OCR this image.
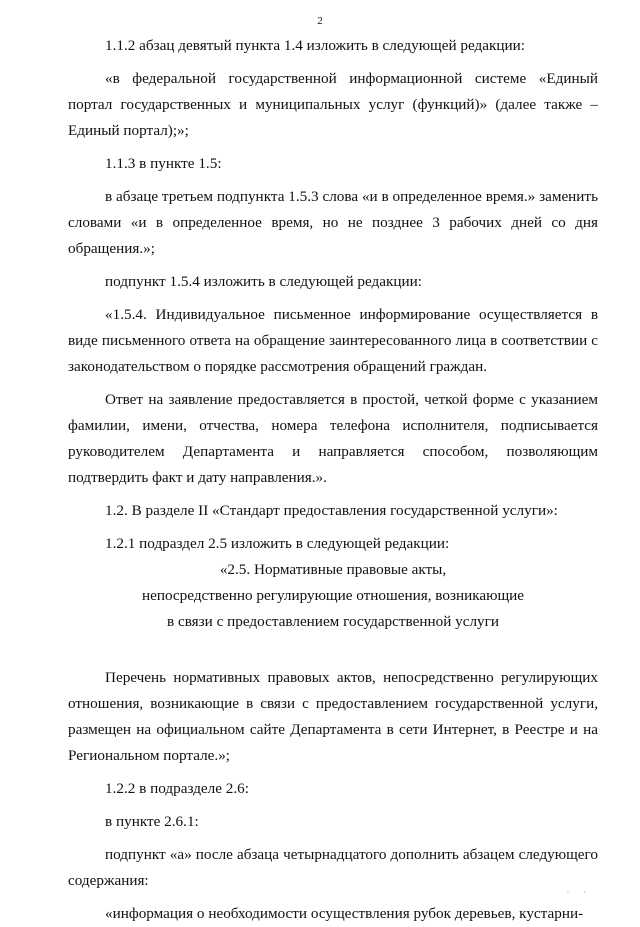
2

1.1.2 абзац девятый пункта 1.4 изложить в следующей редакции:

«в федеральной государственной информационной системе «Единый портал государственных и муниципальных услуг (функций)» (далее также – Единый портал);»;

1.1.3 в пункте 1.5:

в абзаце третьем подпункта 1.5.3 слова «и в определенное время.» заменить словами «и в определенное время, но не позднее 3 рабочих дней со дня обращения.»;

подпункт 1.5.4 изложить в следующей редакции:

«1.5.4. Индивидуальное письменное информирование осуществляется в виде письменного ответа на обращение заинтересованного лица в соответствии с законодательством о порядке рассмотрения обращений граждан.

Ответ на заявление предоставляется в простой, четкой форме с указанием фамилии, имени, отчества, номера телефона исполнителя, подписывается руководителем Департамента и направляется способом, позволяющим подтвердить факт и дату направления.».

1.2. В разделе II «Стандарт предоставления государственной услуги»:

1.2.1 подраздел 2.5 изложить в следующей редакции:

«2.5. Нормативные правовые акты,

непосредственно регулирующие отношения, возникающие

в связи с предоставлением государственной услуги

Перечень нормативных правовых актов, непосредственно регулирующих отношения, возникающие в связи с предоставлением государственной услуги, размещен на официальном сайте Департамента в сети Интернет, в Реестре и на Региональном портале.»;

1.2.2 в подразделе 2.6:

в пункте 2.6.1:

подпункт «а» после абзаца четырнадцатого дополнить абзацем следующего содержания:

«информация о необходимости осуществления рубок деревьев, кустарни-

· ·
